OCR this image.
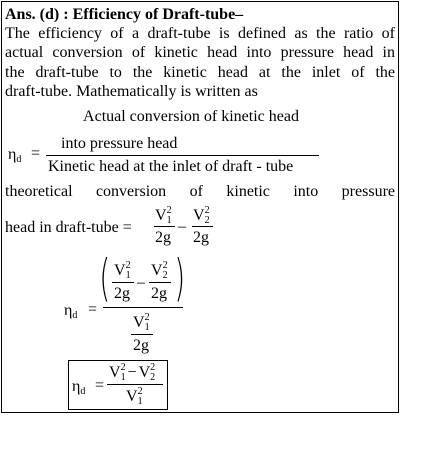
Ans. (d) : Efficiency of Draft-tube–
The efficiency of a draft-tube is defined as the ratio of
actual conversion of kinetic head into pressure head in
the draft-tube to the kinetic head at the inlet of the
draft-tube. Mathematically is written as
ηd =
Actual conversion of kinetic head
into pressure head
Kinetic head at the inlet of draft - tube
theoretical conversion of kinetic into pressure
head in draft-tube =
$V1^2$
2g
–
$V2^2$
2g
ηd =
( )
$V1^2$
2g
–
$V2^2$
2g
$V1^2$
2g
ηd =
$V1^2 - V2^2$
$V1^2$
